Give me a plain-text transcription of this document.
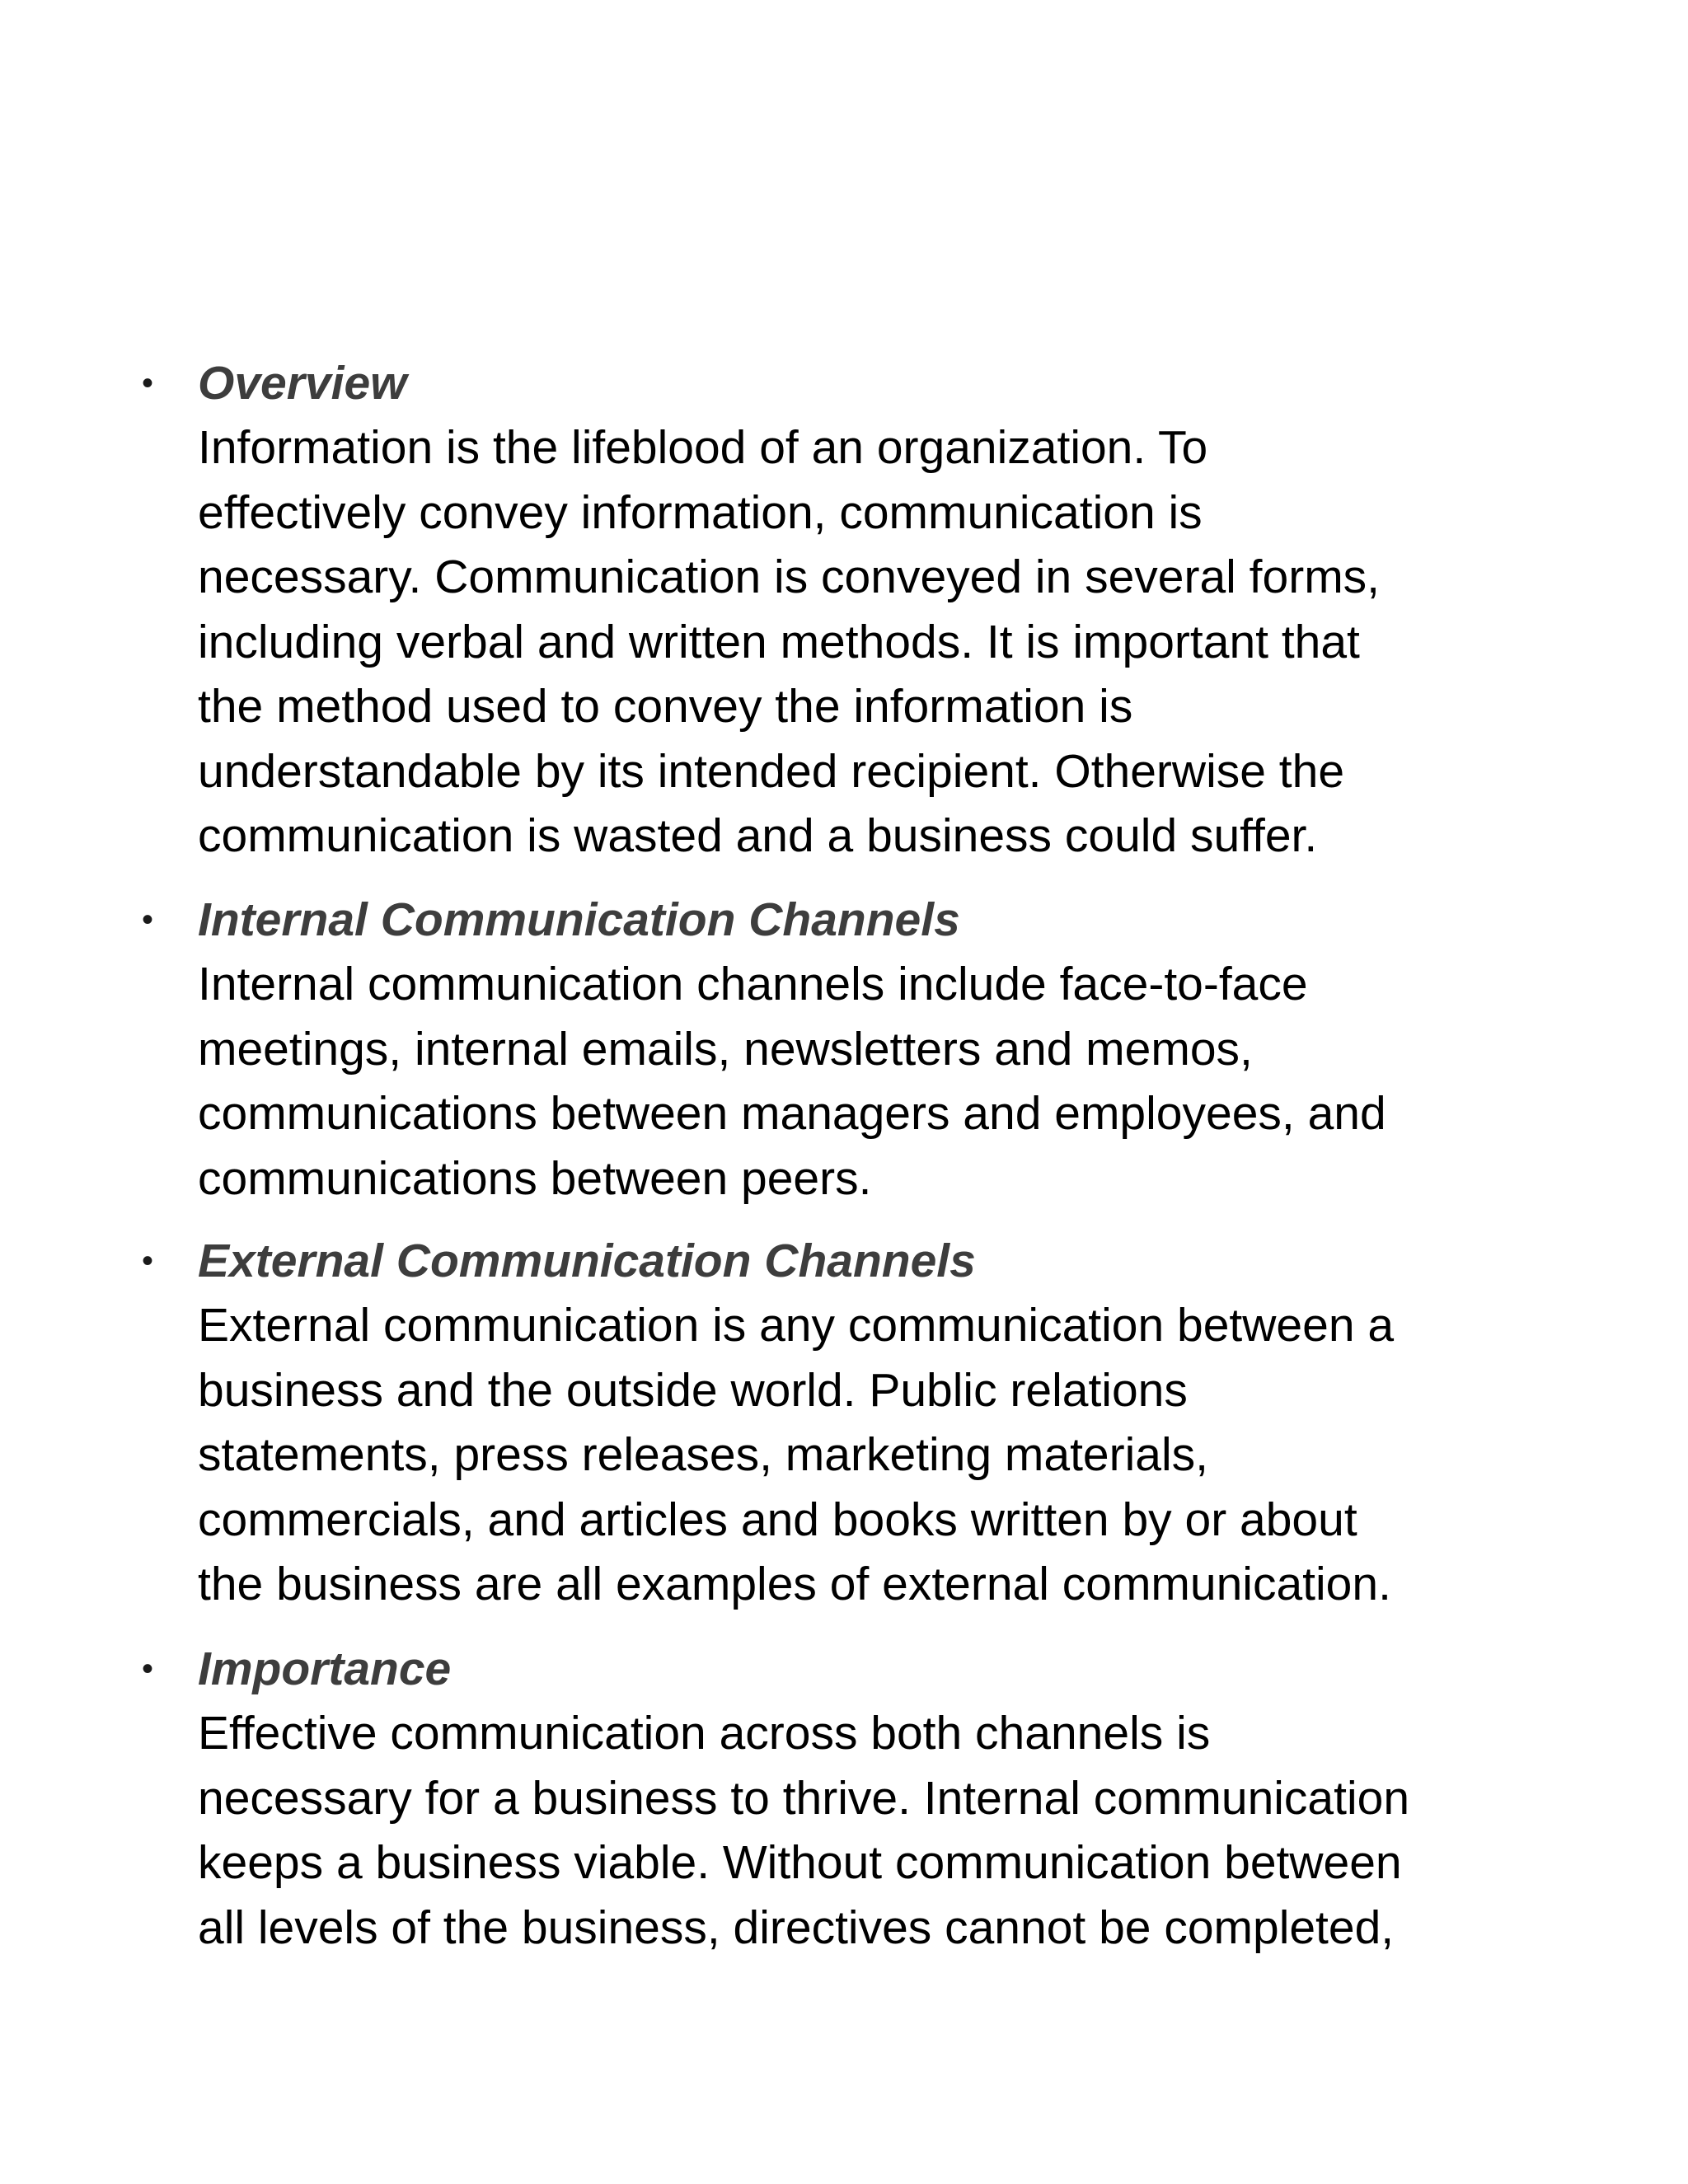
• Overview
Information is the lifeblood of an organization. To
effectively convey information, communication is
necessary. Communication is conveyed in several forms,
including verbal and written methods. It is important that
the method used to convey the information is
understandable by its intended recipient. Otherwise the
communication is wasted and a business could suffer.
• Internal Communication Channels
Internal communication channels include face-to-face
meetings, internal emails, newsletters and memos,
communications between managers and employees, and
communications between peers.
• External Communication Channels
External communication is any communication between a
business and the outside world. Public relations
statements, press releases, marketing materials,
commercials, and articles and books written by or about
the business are all examples of external communication.
• Importance
Effective communication across both channels is
necessary for a business to thrive. Internal communication
keeps a business viable. Without communication between
all levels of the business, directives cannot be completed,
